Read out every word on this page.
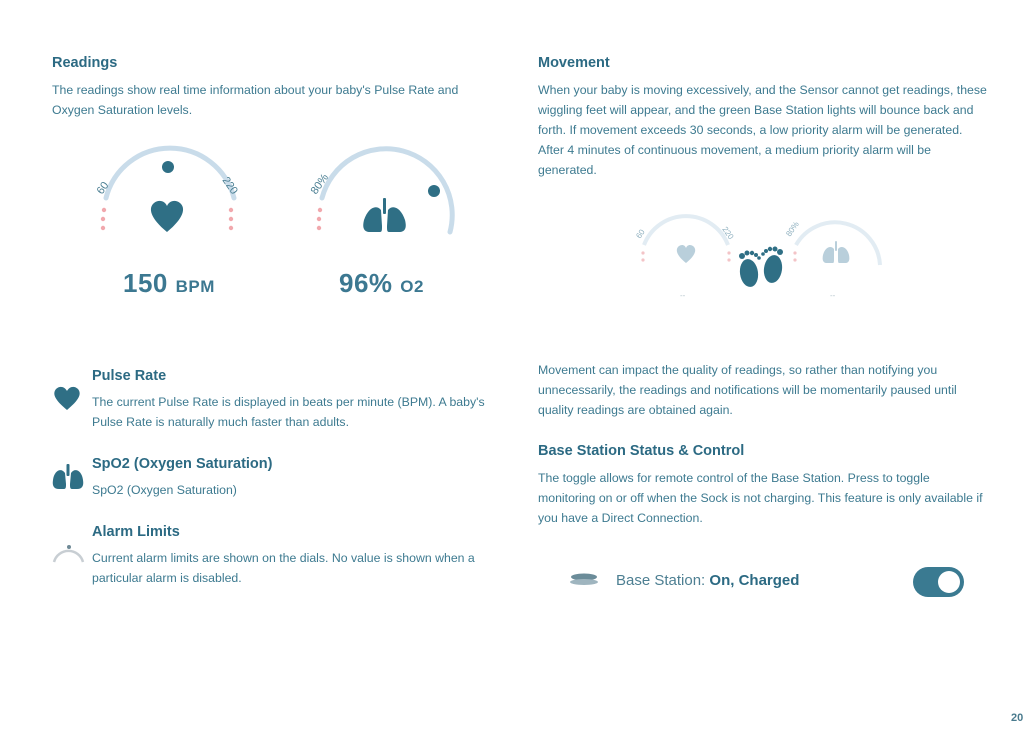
Readings
The readings show real time information about your baby's Pulse Rate and Oxygen Saturation levels.
60	220
150 BPM
80%
96% O2
Pulse Rate
The current Pulse Rate is displayed in beats per minute (BPM). A baby's Pulse Rate is naturally much faster than adults.
SpO2 (Oxygen Saturation)
SpO2 (Oxygen Saturation)
Alarm Limits
Current alarm limits are shown on the dials. No value is shown when a particular alarm is disabled.
Movement
When your baby is moving excessively, and the Sensor cannot get readings, these wiggling feet will appear, and the green Base Station lights will bounce back and forth. If movement exceeds 30 seconds, a low priority alarm will be generated. After 4 minutes of continuous movement, a medium priority alarm will be generated.
60	220
--
80%
--
Movement can impact the quality of readings, so rather than notifying you unnecessarily, the readings and notifications will be momentarily paused until quality readings are obtained again.
Base Station Status & Control
The toggle allows for remote control of the Base Station. Press to toggle monitoring on or off when the Sock is not charging. This feature is only available if you have a Direct Connection.
Base Station: On, Charged
20
